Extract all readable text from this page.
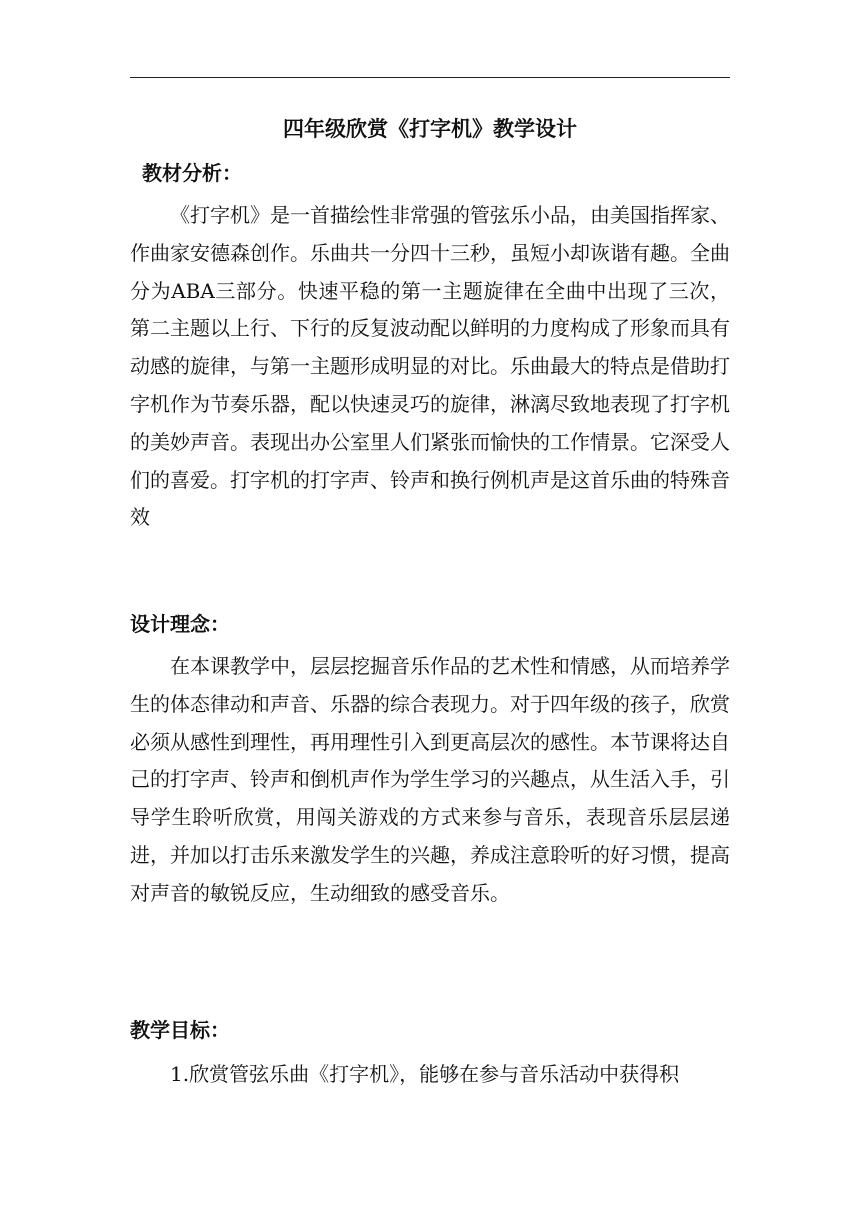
四年级欣赏《打字机》教学设计
教材分析：
《打字机》是一首描绘性非常强的管弦乐小品，由美国指挥家、作曲家安德森创作。乐曲共一分四十三秒，虽短小却诙谐有趣。全曲分为ABA三部分。快速平稳的第一主题旋律在全曲中出现了三次，第二主题以上行、下行的反复波动配以鲜明的力度构成了形象而具有动感的旋律，与第一主题形成明显的对比。乐曲最大的特点是借助打字机作为节奏乐器，配以快速灵巧的旋律，淋漓尽致地表现了打字机的美妙声音。表现出办公室里人们紧张而愉快的工作情景。它深受人们的喜爱。打字机的打字声、铃声和换行例机声是这首乐曲的特殊音效
设计理念：
在本课教学中，层层挖掘音乐作品的艺术性和情感，从而培养学生的体态律动和声音、乐器的综合表现力。对于四年级的孩子，欣赏必须从感性到理性，再用理性引入到更高层次的感性。本节课将达自己的打字声、铃声和倒机声作为学生学习的兴趣点，从生活入手，引导学生聆听欣赏，用闯关游戏的方式来参与音乐，表现音乐层层递进，并加以打击乐来激发学生的兴趣，养成注意聆听的好习惯，提高对声音的敏锐反应，生动细致的感受音乐。
教学目标：
1.欣赏管弦乐曲《打字机》，能够在参与音乐活动中获得积
